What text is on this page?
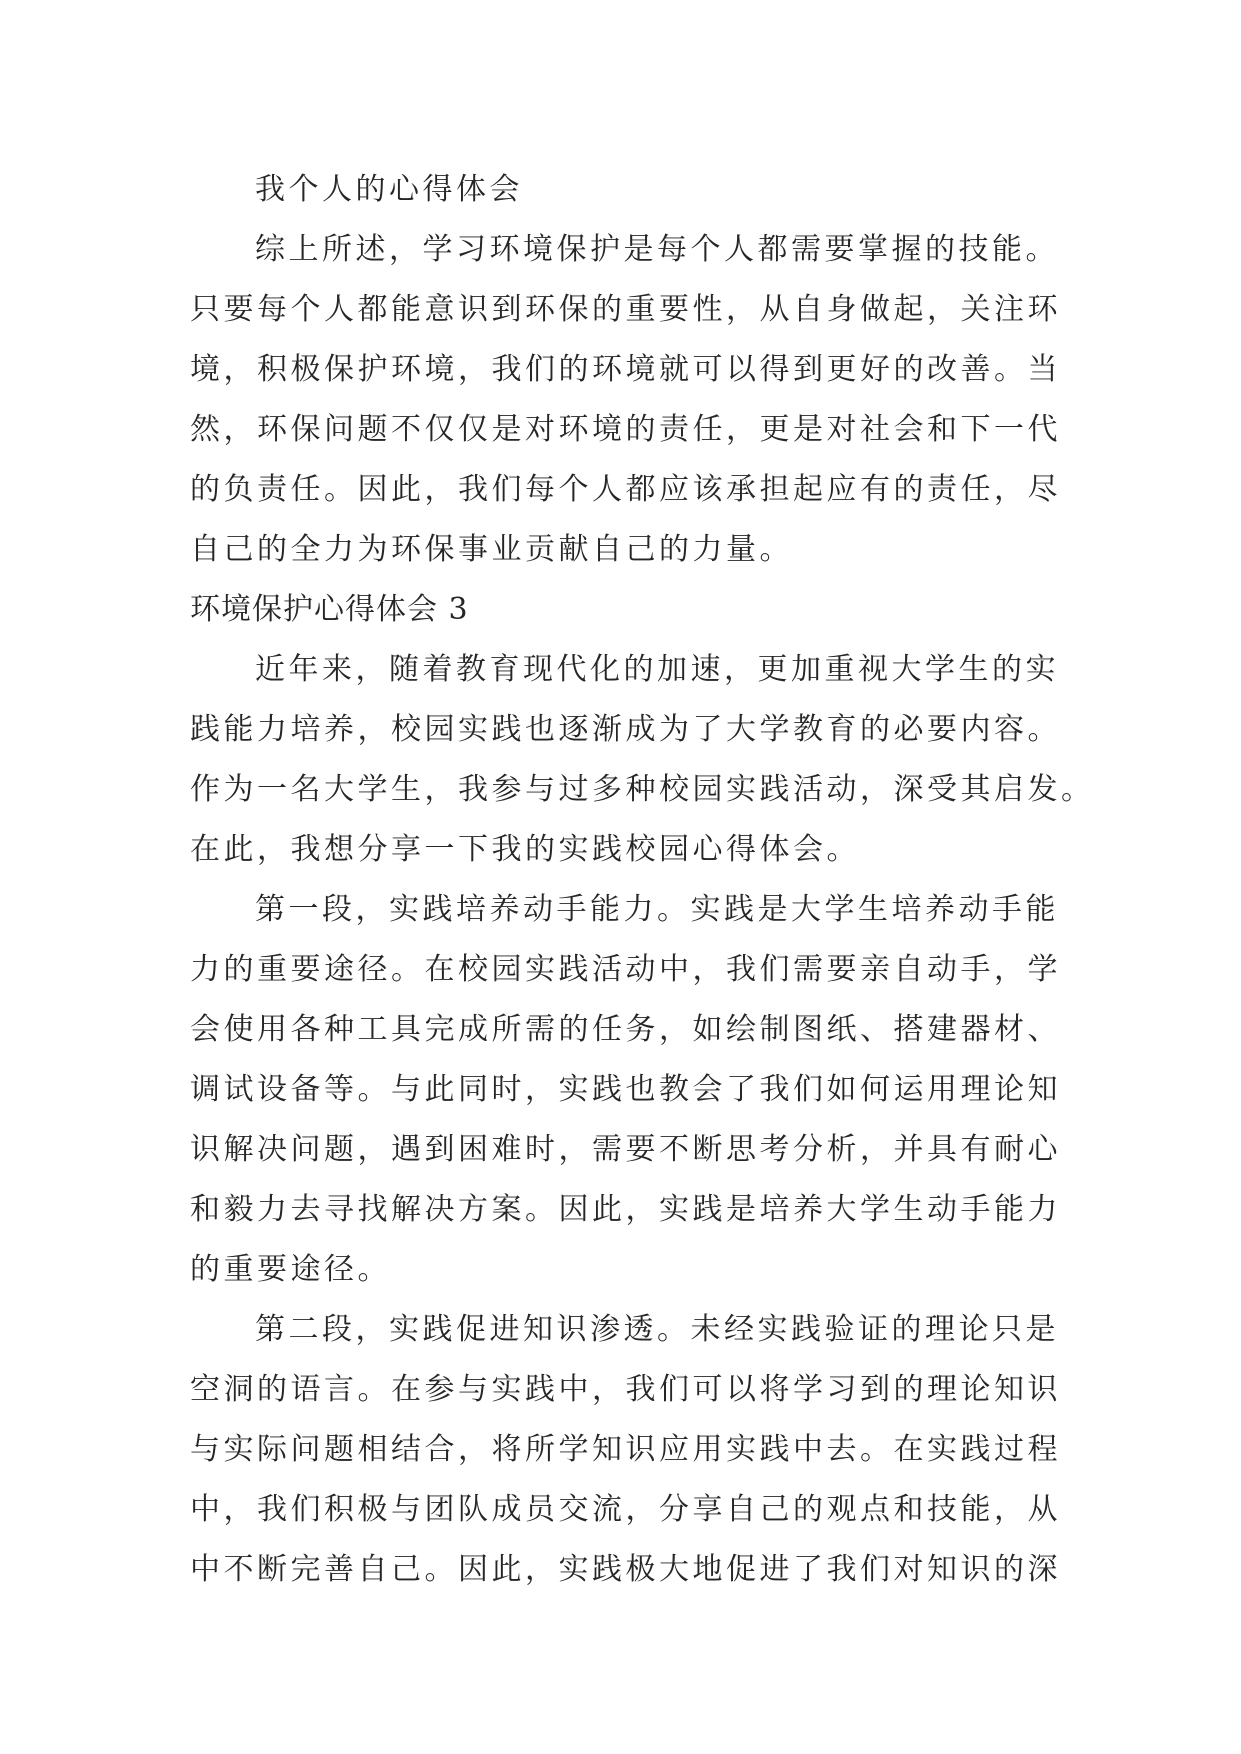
我个人的心得体会
综上所述，学习环境保护是每个人都需要掌握的技能。
只要每个人都能意识到环保的重要性，从自身做起，关注环
境，积极保护环境，我们的环境就可以得到更好的改善。当
然，环保问题不仅仅是对环境的责任，更是对社会和下一代
的负责任。因此，我们每个人都应该承担起应有的责任，尽
自己的全力为环保事业贡献自己的力量。
环境保护心得体会 3
近年来，随着教育现代化的加速，更加重视大学生的实
践能力培养，校园实践也逐渐成为了大学教育的必要内容。
作为一名大学生，我参与过多种校园实践活动，深受其启发。
在此，我想分享一下我的实践校园心得体会。
第一段，实践培养动手能力。实践是大学生培养动手能
力的重要途径。在校园实践活动中，我们需要亲自动手，学
会使用各种工具完成所需的任务，如绘制图纸、搭建器材、
调试设备等。与此同时，实践也教会了我们如何运用理论知
识解决问题，遇到困难时，需要不断思考分析，并具有耐心
和毅力去寻找解决方案。因此，实践是培养大学生动手能力
的重要途径。
第二段，实践促进知识渗透。未经实践验证的理论只是
空洞的语言。在参与实践中，我们可以将学习到的理论知识
与实际问题相结合，将所学知识应用实践中去。在实践过程
中，我们积极与团队成员交流，分享自己的观点和技能，从
中不断完善自己。因此，实践极大地促进了我们对知识的深
